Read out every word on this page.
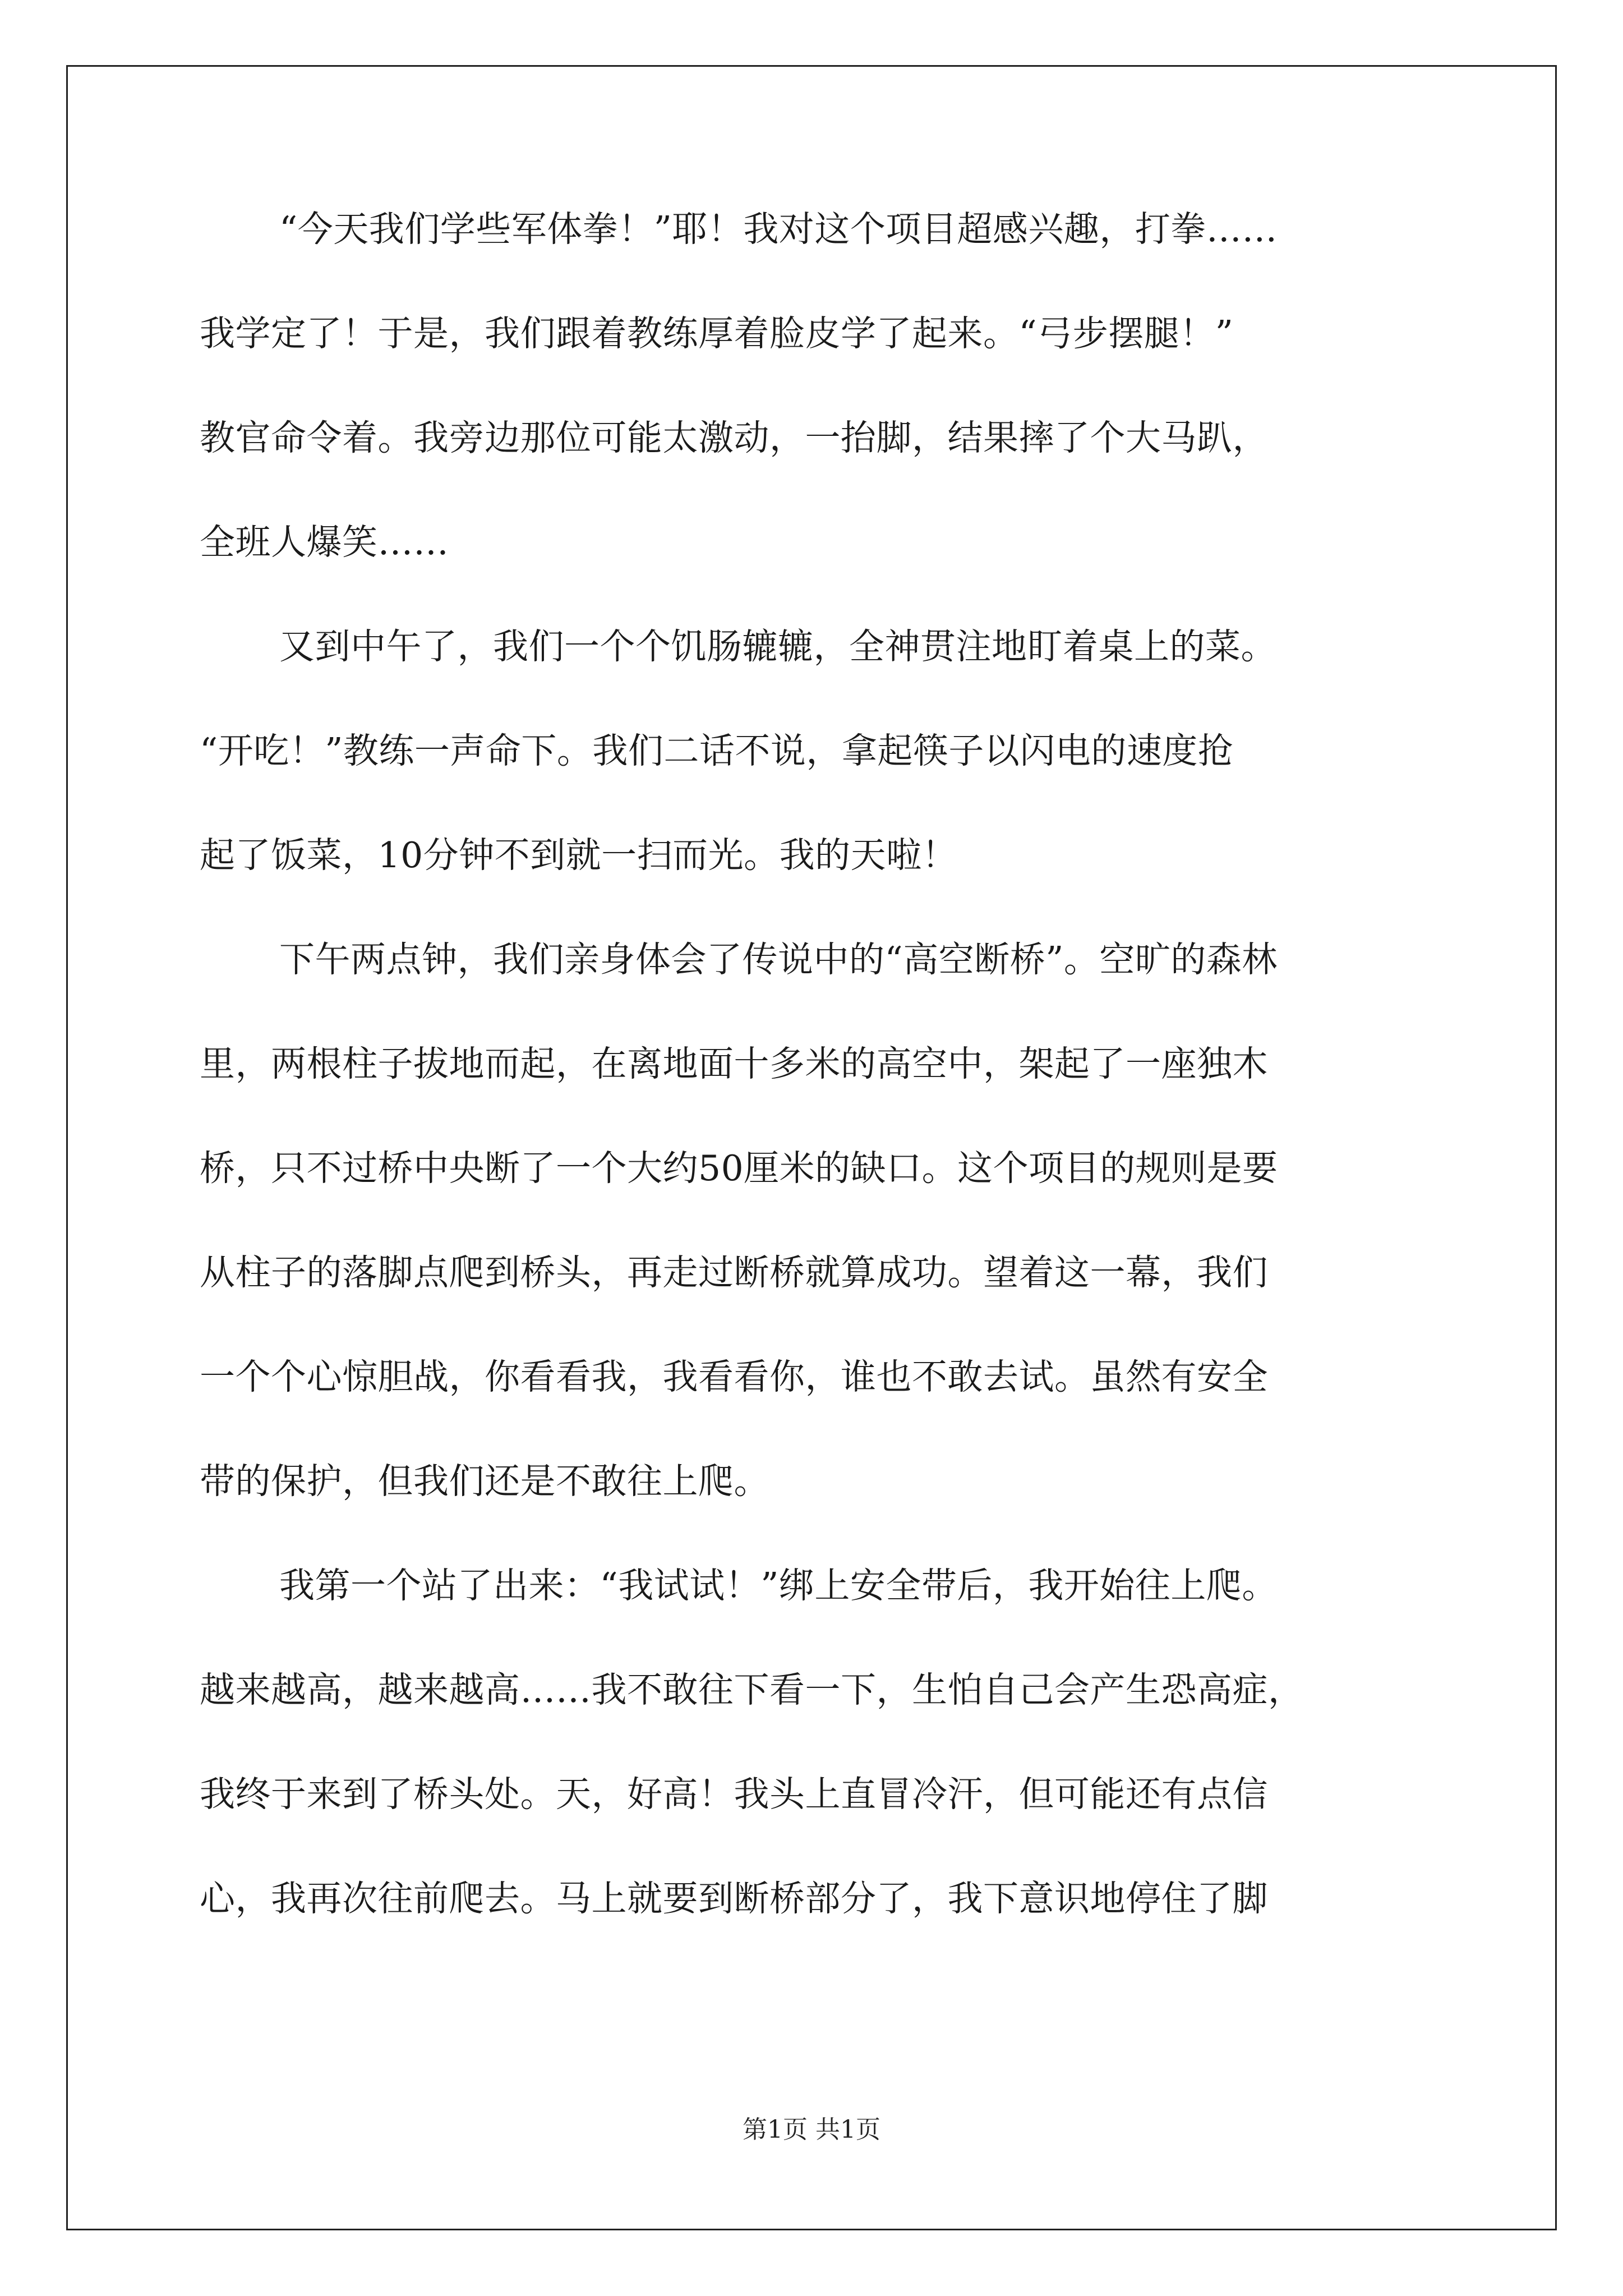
“今天我们学些军体拳！”耶！我对这个项目超感兴趣，打拳……
我学定了！于是，我们跟着教练厚着脸皮学了起来。“弓步摆腿！”
教官命令着。我旁边那位可能太激动，一抬脚，结果摔了个大马趴，
全班人爆笑……
又到中午了，我们一个个饥肠辘辘，全神贯注地盯着桌上的菜。
“开吃！”教练一声命下。我们二话不说，拿起筷子以闪电的速度抢
起了饭菜，10分钟不到就一扫而光。我的天啦！
下午两点钟，我们亲身体会了传说中的“高空断桥”。空旷的森林
里，两根柱子拔地而起，在离地面十多米的高空中，架起了一座独木
桥，只不过桥中央断了一个大约50厘米的缺口。这个项目的规则是要
从柱子的落脚点爬到桥头，再走过断桥就算成功。望着这一幕，我们
一个个心惊胆战，你看看我，我看看你，谁也不敢去试。虽然有安全
带的保护，但我们还是不敢往上爬。
我第一个站了出来：“我试试！”绑上安全带后，我开始往上爬。
越来越高，越来越高……我不敢往下看一下，生怕自己会产生恐高症，
我终于来到了桥头处。天，好高！我头上直冒冷汗，但可能还有点信
心，我再次往前爬去。马上就要到断桥部分了，我下意识地停住了脚
第1页 共1页
